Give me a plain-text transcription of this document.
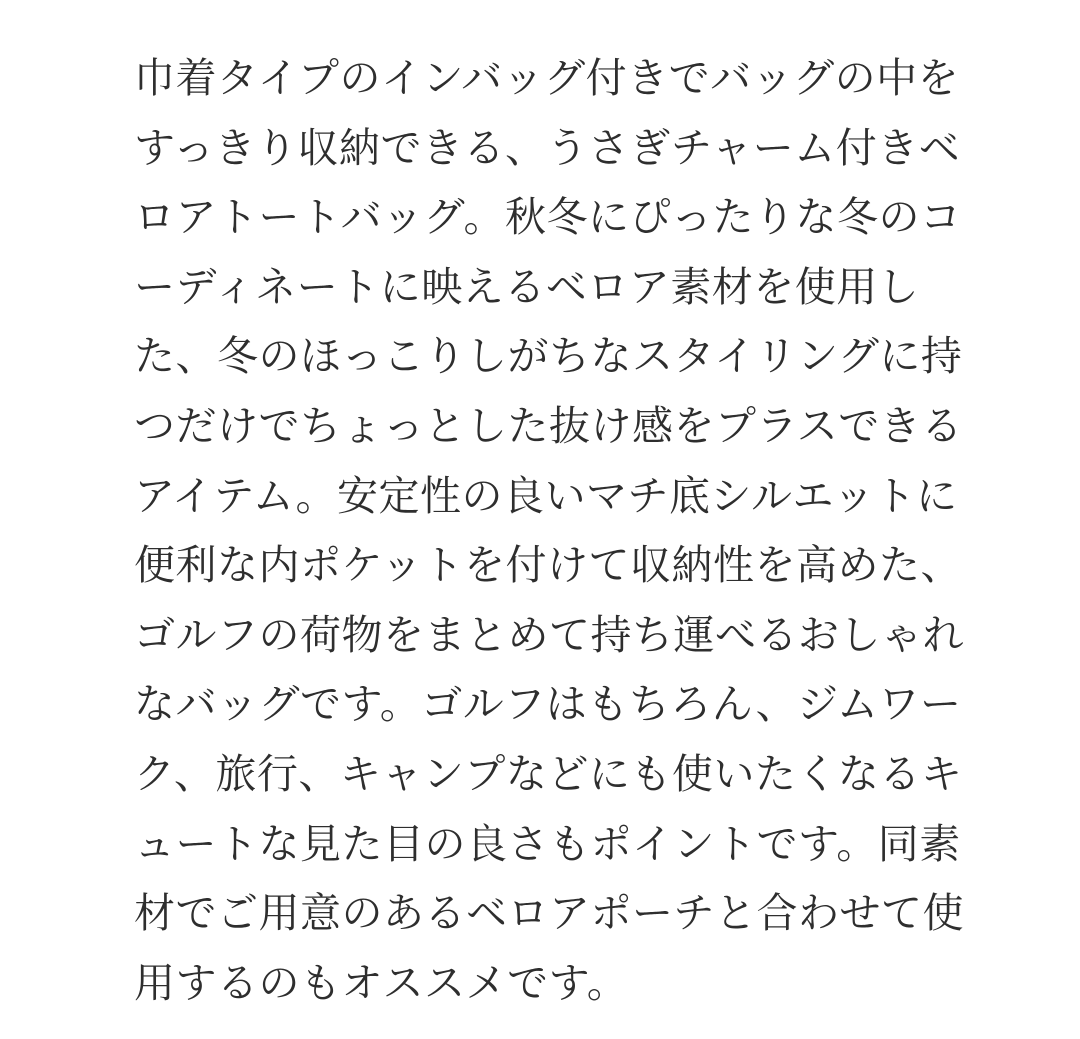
巾着タイプのインバッグ付きでバッグの中を
すっきり収納できる、うさぎチャーム付きベ
ロアトートバッグ。秋冬にぴったりな冬のコ
ーディネートに映えるベロア素材を使用し
た、冬のほっこりしがちなスタイリングに持
つだけでちょっとした抜け感をプラスできる
アイテム。安定性の良いマチ底シルエットに
便利な内ポケットを付けて収納性を高めた、
ゴルフの荷物をまとめて持ち運べるおしゃれ
なバッグです。ゴルフはもちろん、ジムワー
ク、旅行、キャンプなどにも使いたくなるキ
ュートな見た目の良さもポイントです。同素
材でご用意のあるベロアポーチと合わせて使
用するのもオススメです。
